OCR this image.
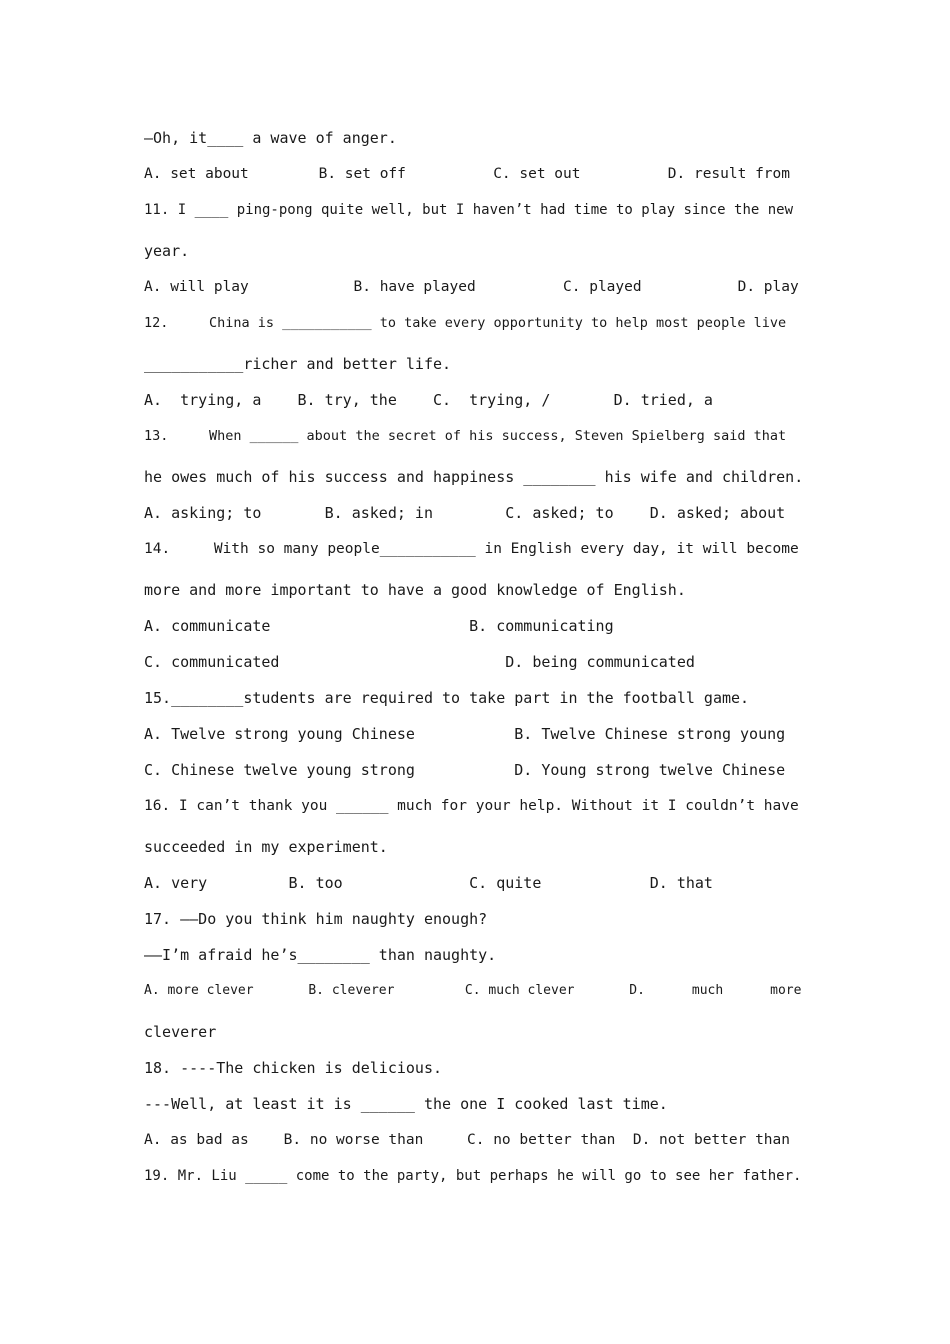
—Oh, it____ a wave of anger.
A. set about        B. set off          C. set out          D. result from
11. I ____ ping-pong quite well, but I haven’t had time to play since the new
year.
A. will play            B. have played          C. played           D. play
12.     China is ___________ to take every opportunity to help most people live
___________richer and better life.
A.  trying, a    B. try, the    C.  trying, /       D. tried, a
13.     When ______ about the secret of his success, Steven Spielberg said that
he owes much of his success and happiness ________ his wife and children.
A. asking; to       B. asked; in        C. asked; to    D. asked; about
14.     With so many people___________ in English every day, it will become
more and more important to have a good knowledge of English.
A. communicate                      B. communicating
C. communicated                         D. being communicated
15.________students are required to take part in the football game.
A. Twelve strong young Chinese           B. Twelve Chinese strong young
C. Chinese twelve young strong           D. Young strong twelve Chinese
16. I can’t thank you ______ much for your help. Without it I couldn’t have
succeeded in my experiment.
A. very         B. too              C. quite            D. that
17. ——Do you think him naughty enough?
——I’m afraid he’s________ than naughty.
A. more clever       B. cleverer         C. much clever       D.      much      more
cleverer
18. ----The chicken is delicious.
---Well, at least it is ______ the one I cooked last time.
A. as bad as    B. no worse than     C. no better than  D. not better than
19. Mr. Liu _____ come to the party, but perhaps he will go to see her father.
